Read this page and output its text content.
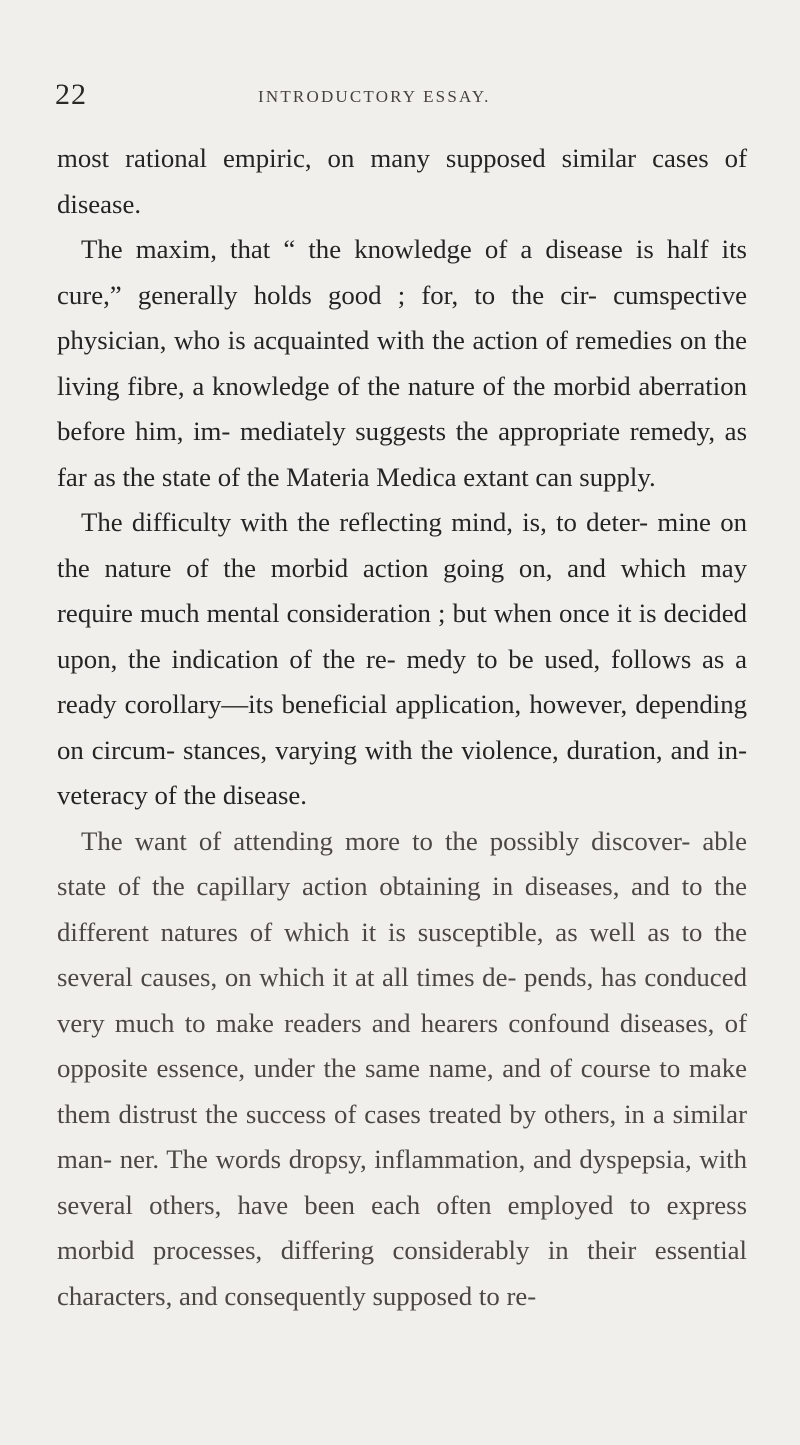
22	INTRODUCTORY ESSAY.

most rational empiric, on many supposed similar cases of disease.

The maxim, that “ the knowledge of a disease is half its cure,” generally holds good ; for, to the cir- cumspective physician, who is acquainted with the action of remedies on the living fibre, a knowledge of the nature of the morbid aberration before him, im- mediately suggests the appropriate remedy, as far as the state of the Materia Medica extant can supply.

The difficulty with the reflecting mind, is, to deter- mine on the nature of the morbid action going on, and which may require much mental consideration ; but when once it is decided upon, the indication of the re- medy to be used, follows as a ready corollary—its beneficial application, however, depending on circum- stances, varying with the violence, duration, and in- veteracy of the disease.

The want of attending more to the possibly discover- able state of the capillary action obtaining in diseases, and to the different natures of which it is susceptible, as well as to the several causes, on which it at all times de- pends, has conduced very much to make readers and hearers confound diseases, of opposite essence, under the same name, and of course to make them distrust the success of cases treated by others, in a similar man- ner. The words dropsy, inflammation, and dyspepsia, with several others, have been each often employed to express morbid processes, differing considerably in their essential characters, and consequently supposed to re-
